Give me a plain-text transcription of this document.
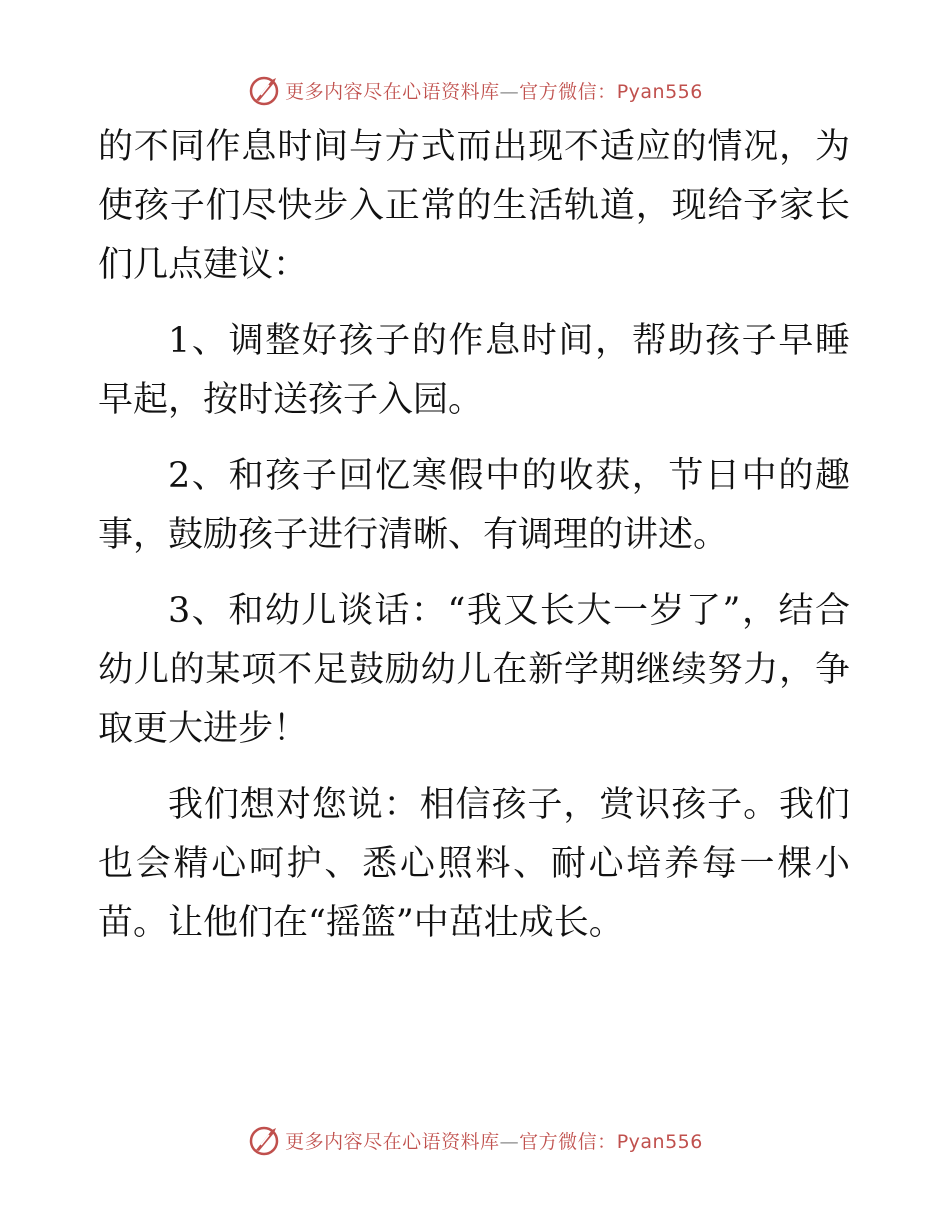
更多内容尽在心语资料库—官方微信：Pyan556

的不同作息时间与方式而出现不适应的情况，为使孩子们尽快步入正常的生活轨道，现给予家长们几点建议：

1、调整好孩子的作息时间，帮助孩子早睡早起，按时送孩子入园。

2、和孩子回忆寒假中的收获，节日中的趣事，鼓励孩子进行清晰、有调理的讲述。

3、和幼儿谈话：“我又长大一岁了”，结合幼儿的某项不足鼓励幼儿在新学期继续努力，争取更大进步！

我们想对您说：相信孩子，赏识孩子。我们也会精心呵护、悉心照料、耐心培养每一棵小苗。让他们在“摇篮”中茁壮成长。

更多内容尽在心语资料库—官方微信：Pyan556
